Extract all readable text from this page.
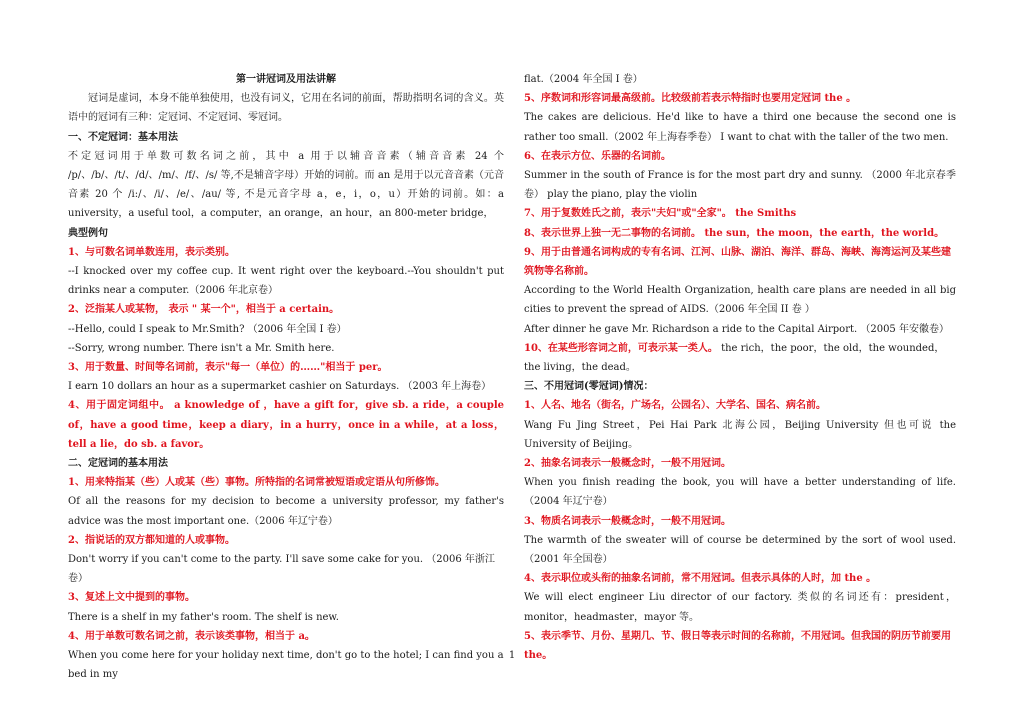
第一讲冠词及用法讲解

冠词是虚词，本身不能单独使用，也没有词义，它用在名词的前面，帮助指明名词的含义。英语中的冠词有三种：定冠词、不定冠词、零冠词。

一、不定冠词：基本用法

不定冠词用于单数可数名词之前，其中 a 用于以辅音音素（辅音音素 24 个 /p/、/b/、/t/、/d/、/m/、/f/、/s/ 等,不是辅音字母）开始的词前。而 an 是用于以元音音素（元音音素 20 个 /i:/、/i/、/e/、/au/ 等, 不是元音字母 a，e，i，o，u）开始的词前。如：a university，a useful tool，a computer，an orange，an hour，an 800-meter bridge，

典型例句

1、与可数名词单数连用，表示类别。

--I knocked over my coffee cup. It went right over the keyboard.--You shouldn't put drinks near a computer.（2006 年北京卷）

2、泛指某人或某物， 表示 " 某一个"，相当于 a certain。

--Hello, could I speak to Mr.Smith? （2006 年全国 I 卷）

--Sorry, wrong number. There isn't a Mr. Smith here.

3、用于数量、时间等名词前，表示"每一（单位）的……"相当于 per。

I earn 10 dollars an hour as a supermarket cashier on Saturdays. （2003 年上海卷）

4、用于固定词组中。 a knowledge of ，have a gift for，give sb. a ride，a couple of，have a good time，keep a diary，in a hurry，once in a while，at a loss，tell a lie，do sb. a favor。

二、定冠词的基本用法

1、用来特指某（些）人或某（些）事物。所特指的名词常被短语或定语从句所修饰。

Of all the reasons for my decision to become a university professor, my father's advice was the most important one.（2006 年辽宁卷）

2、指说话的双方都知道的人或事物。

Don't worry if you can't come to the party. I'll save some cake for you. （2006 年浙江卷）

3、复述上文中提到的事物。

There is a shelf in my father's room. The shelf is new.

4、用于单数可数名词之前，表示该类事物，相当于 a。

When you come here for your holiday next time, don't go to the hotel; I can find you a bed in my

flat.（2004 年全国 I 卷）

5、序数词和形容词最高级前。比较级前若表示特指时也要用定冠词 the 。

The cakes are delicious. He'd like to have a third one because the second one is rather too small.（2002 年上海春季卷） I want to chat with the taller of the two men.

6、在表示方位、乐器的名词前。

Summer in the south of France is for the most part dry and sunny. （2000 年北京春季卷） play the piano, play the violin

7、用于复数姓氏之前，表示"夫妇"或"全家"。 the Smiths

8、表示世界上独一无二事物的名词前。 the sun，the moon，the earth，the world。

9、用于由普通名词构成的专有名词、江河、山脉、湖泊、海洋、群岛、海峡、海湾运河及某些建筑物等名称前。

According to the World Health Organization, health care plans are needed in all big cities to prevent the spread of AIDS.（2006 年全国 II 卷 ）

After dinner he gave Mr. Richardson a ride to the Capital Airport. （2005 年安徽卷）

10、在某些形容词之前，可表示某一类人。 the rich，the poor，the old，the wounded，the living，the dead。

三、不用冠词(零冠词)情况：

1、人名、地名（街名，广场名，公园名）、大学名、国名、病名前。

Wang Fu Jing Street，Pei Hai Park 北海公园，Beijing University 但也可说 the University of Beijing。

2、抽象名词表示一般概念时，一般不用冠词。

When you finish reading the book, you will have a better understanding of life. （2004 年辽宁卷）

3、物质名词表示一般概念时，一般不用冠词。

The warmth of the sweater will of course be determined by the sort of wool used.（2001 年全国卷）

4、表示职位或头衔的抽象名词前，常不用冠词。但表示具体的人时，加 the 。

We will elect engineer Liu director of our factory. 类似的名词还有：president，monitor，headmaster，mayor 等。

5、表示季节、月份、星期几、节、假日等表示时间的名称前，不用冠词。但我国的阴历节前要用 the。

1
